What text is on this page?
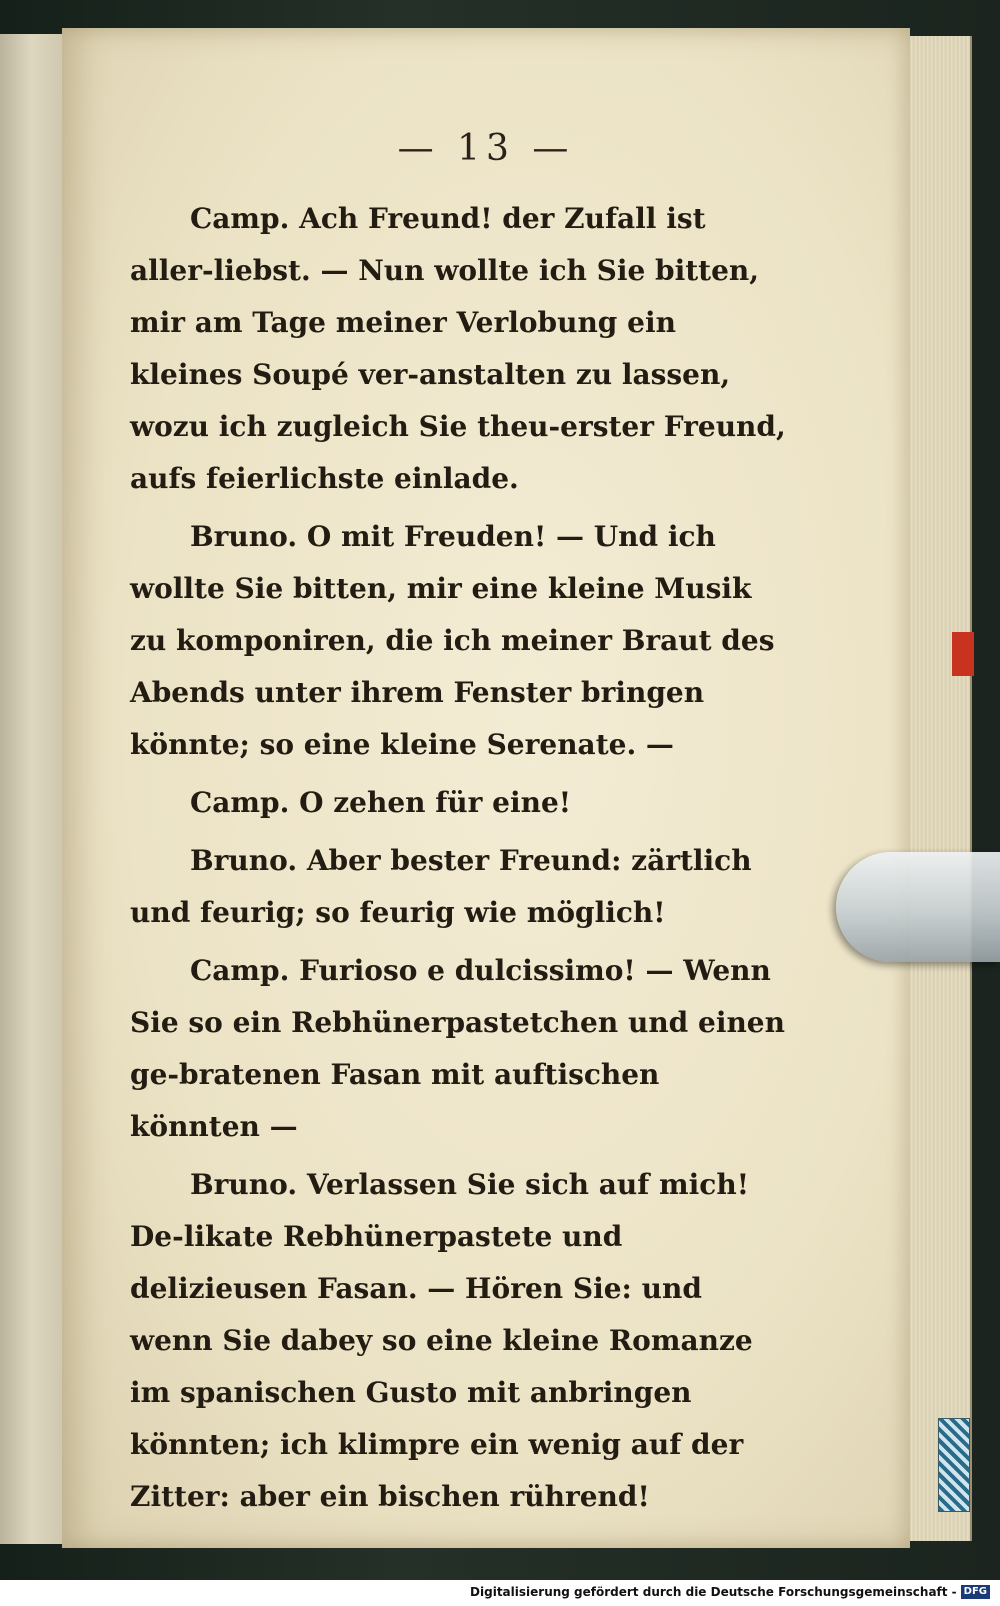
— 13 —

Camp. Ach Freund! der Zufall ist aller-liebst. — Nun wollte ich Sie bitten, mir am Tage meiner Verlobung ein kleines Soupé ver-anstalten zu lassen, wozu ich zugleich Sie theu-erster Freund, aufs feierlichste einlade.

Bruno. O mit Freuden! — Und ich wollte Sie bitten, mir eine kleine Musik zu komponiren, die ich meiner Braut des Abends unter ihrem Fenster bringen könnte; so eine kleine Serenate. —

Camp. O zehen für eine!

Bruno. Aber bester Freund: zärtlich und feurig; so feurig wie möglich!

Camp. Furioso e dulcissimo! — Wenn Sie so ein Rebhünerpastetchen und einen ge-bratenen Fasan mit auftischen könnten —

Bruno. Verlassen Sie sich auf mich! De-likate Rebhünerpastete und delizieusen Fasan. — Hören Sie: und wenn Sie dabey so eine kleine Romanze im spanischen Gusto mit anbringen könnten; ich klimpre ein wenig auf der Zitter: aber ein bischen rührend!

Digitalisierung gefördert durch die Deutsche Forschungsgemeinschaft - DFG
